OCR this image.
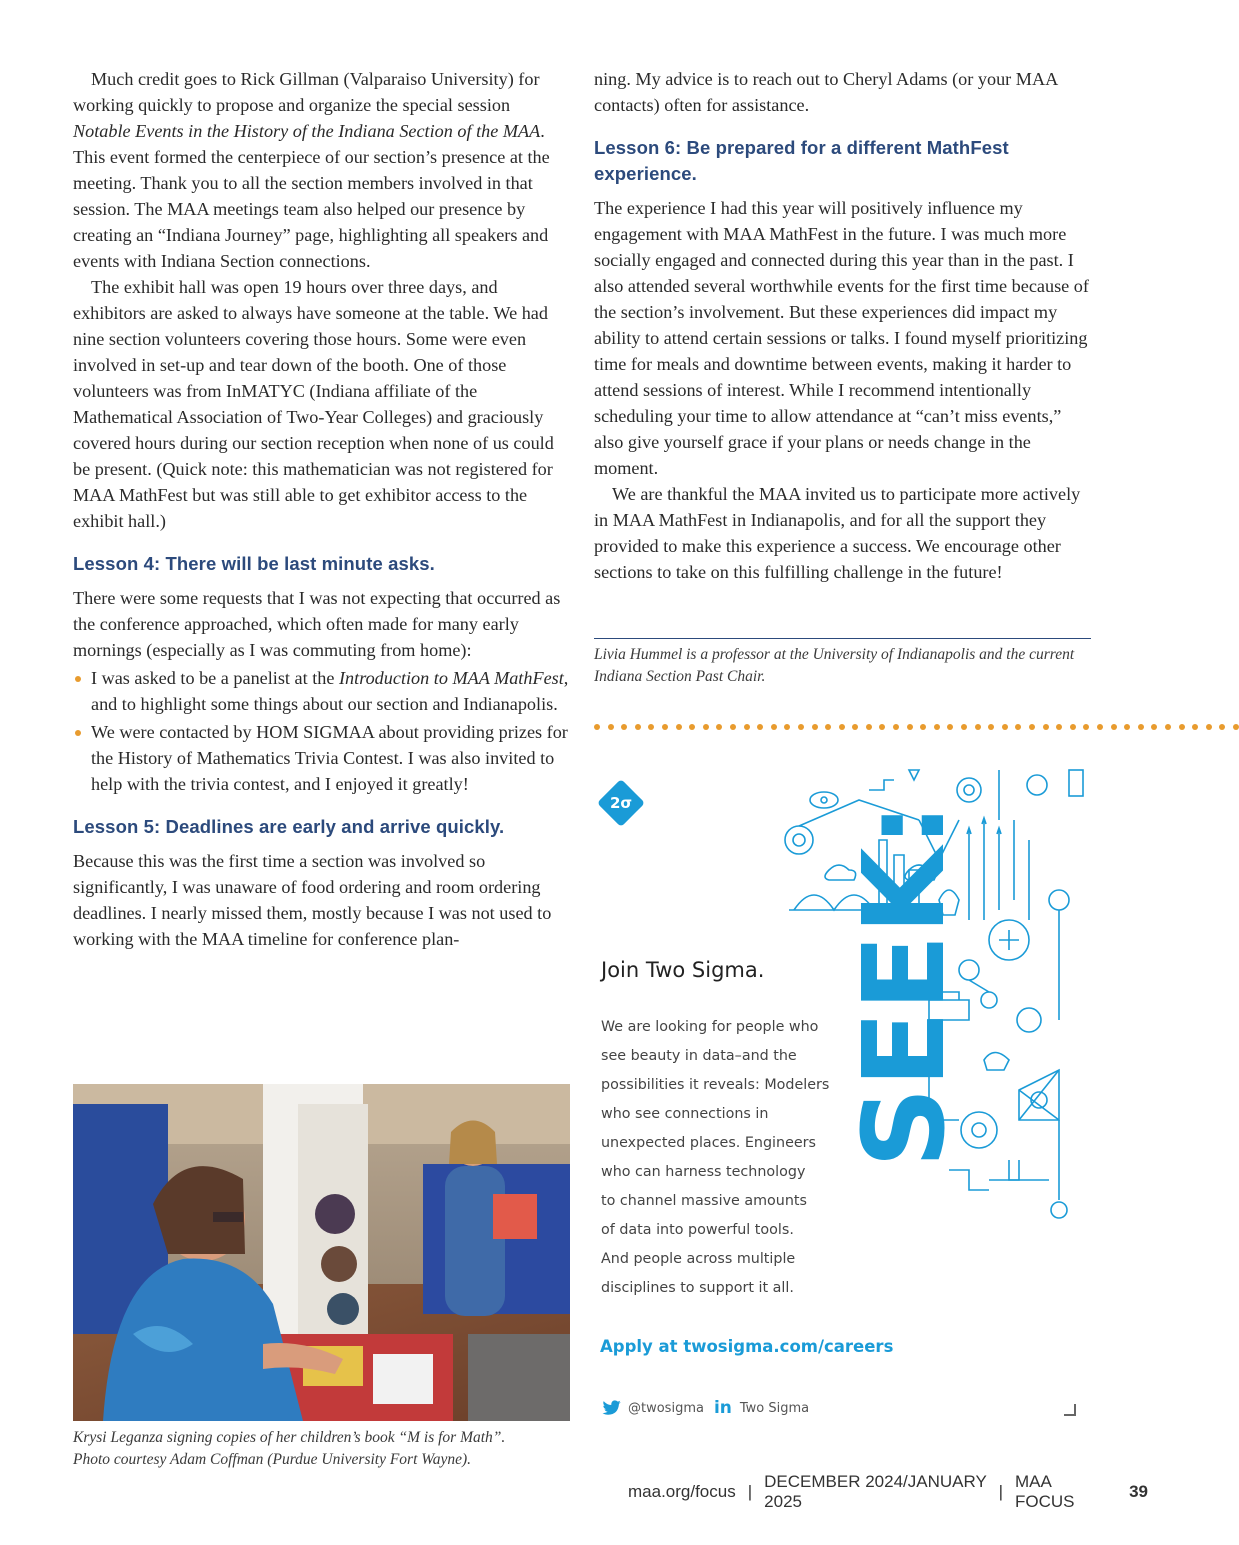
Much credit goes to Rick Gillman (Valparaiso University) for working quickly to propose and organize the special session Notable Events in the History of the Indiana Section of the MAA. This event formed the centerpiece of our section’s presence at the meeting. Thank you to all the section members involved in that session. The MAA meetings team also helped our presence by creating an “Indiana Journey” page, highlighting all speakers and events with Indiana Section connections.

The exhibit hall was open 19 hours over three days, and exhibitors are asked to always have someone at the table. We had nine section volunteers covering those hours. Some were even involved in set-up and tear down of the booth. One of those volunteers was from InMATYC (Indiana affiliate of the Mathematical Association of Two-Year Colleges) and graciously covered hours during our section reception when none of us could be present. (Quick note: this mathematician was not registered for MAA MathFest but was still able to get exhibitor access to the exhibit hall.)

Lesson 4: There will be last minute asks.

There were some requests that I was not expecting that occurred as the conference approached, which often made for many early mornings (especially as I was commuting from home):

I was asked to be a panelist at the Introduction to MAA MathFest, and to highlight some things about our section and Indianapolis.
We were contacted by HOM SIGMAA about providing prizes for the History of Mathematics Trivia Contest. I was also invited to help with the trivia contest, and I enjoyed it greatly!
Lesson 5: Deadlines are early and arrive quickly.

Because this was the first time a section was involved so significantly, I was unaware of food ordering and room ordering deadlines. I nearly missed them, mostly because I was not used to working with the MAA timeline for conference plan-

Krysi Leganza signing copies of her children’s book “M is for Math”.
Photo courtesy Adam Coffman (Purdue University Fort Wayne).

ning. My advice is to reach out to Cheryl Adams (or your MAA contacts) often for assistance.

Lesson 6: Be prepared for a different MathFest experience.

The experience I had this year will positively influence my engagement with MAA MathFest in the future. I was much more socially engaged and connected during this year than in the past. I also attended several worthwhile events for the first time because of the section’s involvement. But these experiences did impact my ability to attend certain sessions or talks. I found myself prioritizing time for meals and downtime between events, making it harder to attend sessions of interest. While I recommend intentionally scheduling your time to allow attendance at “can’t miss events,” also give yourself grace if your plans or needs change in the moment.

We are thankful the MAA invited us to participate more actively in MAA MathFest in Indianapolis, and for all the support they provided to make this experience a success. We encourage other sections to take on this fulfilling challenge in the future!

Livia Hummel is a professor at the University of Indianapolis and the current Indiana Section Past Chair.
2σ SEEK:
Join Two Sigma.
We are looking for people who
see beauty in data–and the
possibilities it reveals: Modelers
who see connections in
unexpected places. Engineers
who can harness technology
to channel massive amounts
of data into powerful tools.
And people across multiple
disciplines to support it all.
Apply at twosigma.com/careers
@twosigma in Two Sigma
maa.org/focus |
DECEMBER 2024/JANUARY 2025
|
MAA FOCUS
39
